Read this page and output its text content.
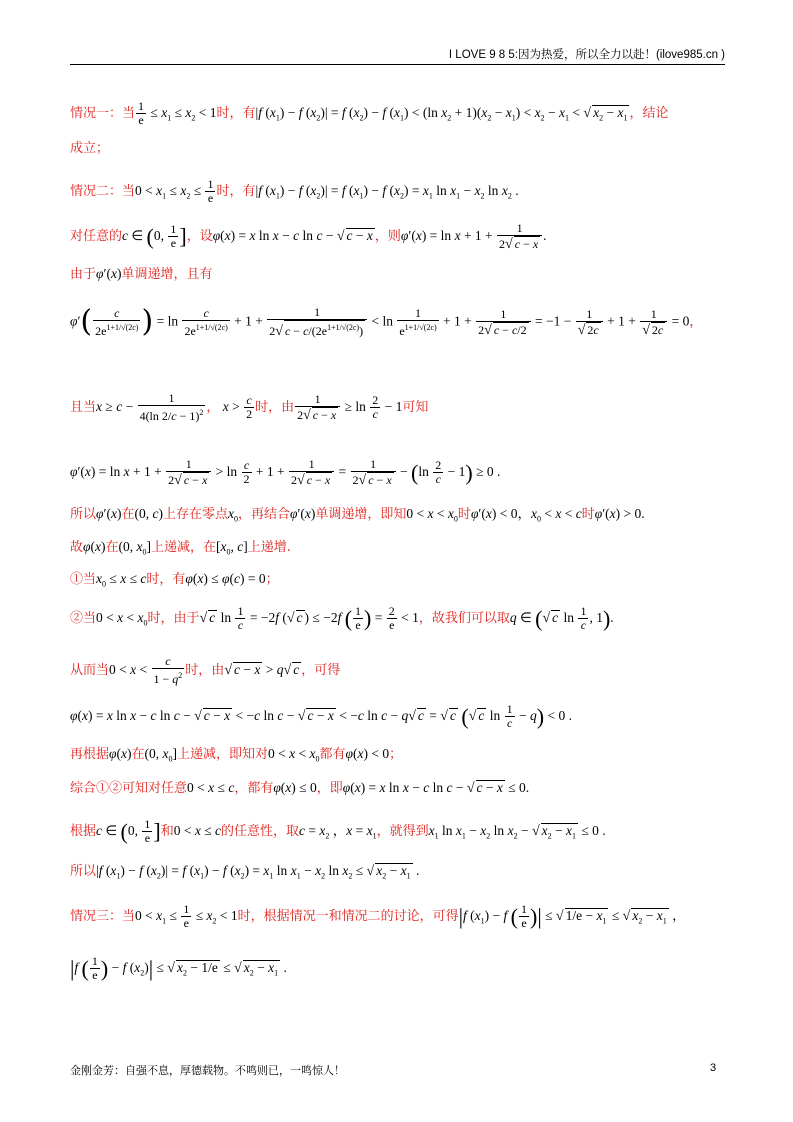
I LOVE 9 8 5:因为热爱，所以全力以赴！(ilove985.cn )
情况一：当 $\frac{1}{e} \le x_1 \le x_2 < 1$时，有|f $(x_1) - f$ $(x_2)| = f$ $(x_2) - f$ $(x_1) < (\ln$ $x_2 + 1)(x_2 - x_1) < x_2 - x_1$ < √ $x_2 - x_1$ ，结论
成立；
情况二：当$0 < x_1 \le x_2 \le \frac{1}{e}$ 时，有|f $(x_1) - f$ $(x_2)| = f$ $(x_1) - f$ $(x_2) = x_1$ $\ln x_1 - x_2$ $\ln x_2$ .
对任意的c ∈ (0, $\frac{1}{e}$ ]，设φ(x) = x ln x − c ln c − √ c − x ，则$\varphi'(x) = \ln x + 1 + \frac{1}{2√ c - x}$ .
由于φ′(x)单调递增，且有
$\varphi'( \frac{c}{2e^{1+1/√(2c)}}$ ) = $\ln \frac{c}{2e^{1+1/√(2c)}} + 1 + \frac{1}{2√ c - c/(2e^{1+1/√(2c)})} < \ln \frac{1}{e^{1+1/√(2c)}} + 1 + \frac{1}{2√ c - c/2} = -1 - \frac{1}{√ 2c} + 1 + \frac{1}{√ 2c} = 0$，
且当$x \ge c - \frac{1}{4(\ln 2/c - 1)^2}$ ， $x > \frac{c}{2}$ 时，由 $\frac{1}{2√ c - x} \ge \ln \frac{2}{c} - 1$可知
$\varphi'(x) = \ln x + 1 + \frac{1}{2√ c - x} > \ln \frac{c}{2} + 1 + \frac{1}{2√ c - x} = \frac{1}{2√ c - x} - (\ln \frac{2}{c} - 1) \ge 0$ .
所以φ′(x)在(0, c)上存在零点$x_0$，再结合φ′(x)单调递增，即知$0 < x < x_0$时φ′(x) < 0，$x_0 < x < c$时φ′(x) > 0.
故φ(x)在(0, $x_0$]上递减，在[$x_0$, c]上递增.
①当$x_0 \le x \le c$时，有φ(x) ≤ φ(c) = 0；
②当$0 < x < x_0$时，由于√ c $\ln \frac{1}{c} = -2f$ (√ c ) ≤ −2f ( $\frac{1}{e}$ ) = $\frac{2}{e} < 1$，故我们可以取q ∈ (√ c $\ln \frac{1}{c}$ , 1).
从而当$0 < x < \frac{c}{1 - q^2}$ 时，由√ c − x > q√ c ，可得
φ(x) = x ln x − c ln c − √ c − x < −c ln c − √ c − x < −c ln c − q√ c = √ c (√ c $\ln \frac{1}{c} - q) < 0$ .
再根据φ(x)在(0, $x_0$]上递减，即知对$0 < x < x_0$都有φ(x) < 0；
综合①②可知对任意0 < x ≤ c，都有φ(x) ≤ 0，即φ(x) = x ln x − c ln c − √ c − x ≤ 0.
根据c ∈ (0, $\frac{1}{e}$ ]和0 < x ≤ c的任意性，取$c = x_2$ ，$x = x_1$，就得到$x_1$ $\ln x_1 - x_2$ $\ln x_2$ − √ $x_2 - x_1 \le 0$ .
所以|f $(x_1) - f$ $(x_2)| = f$ $(x_1) - f$ $(x_2) = x_1$ $\ln x_1 - x_2$ $\ln x_2$ ≤ √ $x_2 - x_1$ .
情况三：当$0 < x_1 \le \frac{1}{e} \le x_2 < 1$时，根据情况一和情况二的讨论，可得|f $(x_1) - f$ ( $\frac{1}{e}$ )| ≤ √ $1/e - x_1$ ≤ √ $x_2 - x_1$ ，
|f ( $\frac{1}{e}$ ) − f $(x_2)|$ ≤ √ $x_2 - 1/e$ ≤ √ $x_2 - x_1$ .
金刚金芳：自强不息，厚德载物。不鸣则已，一鸣惊人！	3
